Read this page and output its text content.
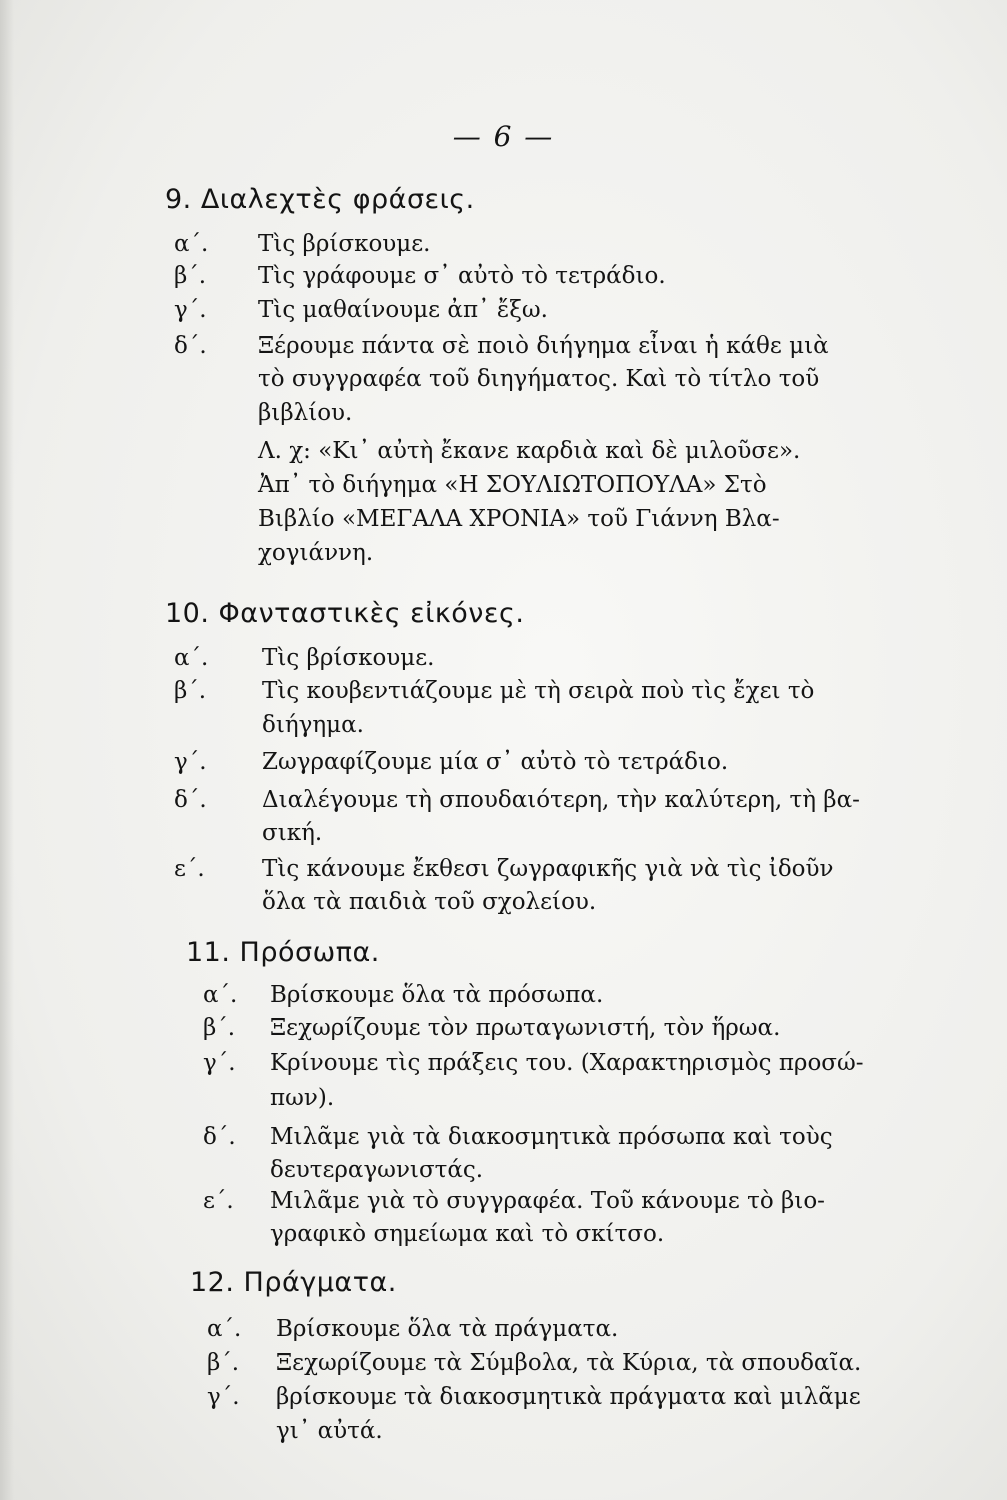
— 6 —
9. Διαλεχτὲς φράσεις.
α΄. Τὶς βρίσκουμε.
β΄. Τὶς γράφουμε σ᾽ αὐτὸ τὸ τετράδιο.
γ΄. Τὶς μαθαίνουμε ἀπ᾽ ἔξω.
δ΄. Ξέρουμε πάντα σὲ ποιὸ διήγημα εἶναι ἡ κάθε μιὰ
τὸ συγγραφέα τοῦ διηγήματος. Καὶ τὸ τίτλο τοῦ
βιβλίου.
Λ. χ: «Κι᾽ αὐτὴ ἔκανε καρδιὰ καὶ δὲ μιλοῦσε».
Ἀπ᾽ τὸ διήγημα «Η ΣΟΥΛΙΩΤΟΠΟΥΛΑ» Στὸ
Βιβλίο «ΜΕΓΑΛΑ ΧΡΟΝΙΑ» τοῦ Γιάννη Βλα-
χογιάννη.
10. Φανταστικὲς εἰκόνες.
α΄. Τὶς βρίσκουμε.
β΄. Τὶς κουβεντιάζουμε μὲ τὴ σειρὰ ποὺ τὶς ἔχει τὸ
διήγημα.
γ΄. Ζωγραφίζουμε μία σ᾽ αὐτὸ τὸ τετράδιο.
δ΄. Διαλέγουμε τὴ σπουδαιότερη, τὴν καλύτερη, τὴ βα-
σική.
ε΄. Τὶς κάνουμε ἔκθεσι ζωγραφικῆς γιὰ νὰ τὶς ἰδοῦν
ὅλα τὰ παιδιὰ τοῦ σχολείου.
11. Πρόσωπα.
α΄. Βρίσκουμε ὅλα τὰ πρόσωπα.
β΄. Ξεχωρίζουμε τὸν πρωταγωνιστή, τὸν ἥρωα.
γ΄. Κρίνουμε τὶς πράξεις του. (Χαρακτηρισμὸς προσώ-
πων).
δ΄. Μιλᾶμε γιὰ τὰ διακοσμητικὰ πρόσωπα καὶ τοὺς
δευτεραγωνιστάς.
ε΄. Μιλᾶμε γιὰ τὸ συγγραφέα. Τοῦ κάνουμε τὸ βιο-
γραφικὸ σημείωμα καὶ τὸ σκίτσο.
12. Πράγματα.
α΄. Βρίσκουμε ὅλα τὰ πράγματα.
β΄. Ξεχωρίζουμε τὰ Σύμβολα, τὰ Κύρια, τὰ σπουδαῖα.
γ΄. βρίσκουμε τὰ διακοσμητικὰ πράγματα καὶ μιλᾶμε
γι᾽ αὐτά.
